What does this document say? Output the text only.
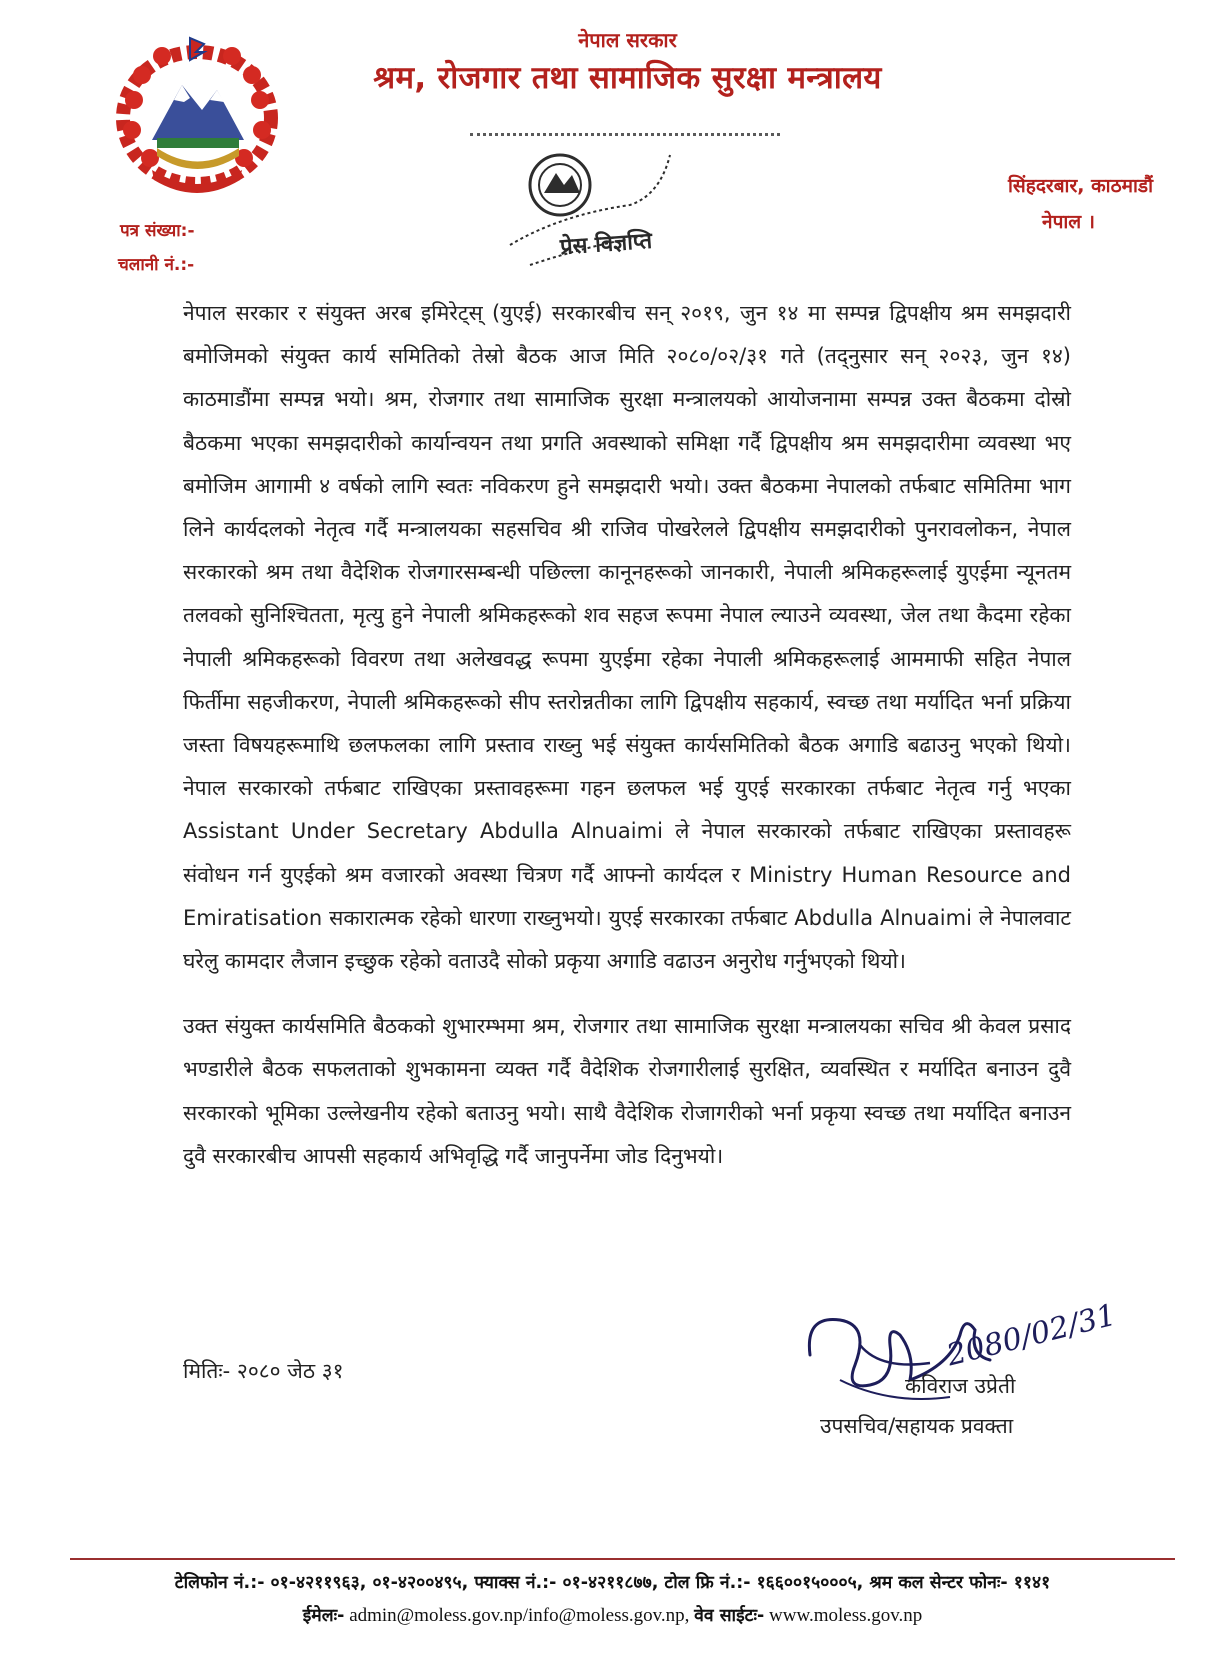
नेपाल सरकार
श्रम, रोजगार तथा सामाजिक सुरक्षा मन्त्रालय
प्रेस विज्ञप्ति
सिंहदरबार, काठमाडौं
नेपाल ।
पत्र संख्या:-
चलानी नं.:-

नेपाल सरकार र संयुक्त अरब इमिरेट्स् (युएई) सरकारबीच सन् २०१९, जुन १४ मा सम्पन्न द्विपक्षीय श्रम समझदारी बमोजिमको संयुक्त कार्य समितिको तेस्रो बैठक आज मिति २०८०/०२/३१ गते (तद्नुसार सन् २०२३, जुन १४) काठमाडौंमा सम्पन्न भयो। श्रम, रोजगार तथा सामाजिक सुरक्षा मन्त्रालयको आयोजनामा सम्पन्न उक्त बैठकमा दोस्रो बैठकमा भएका समझदारीको कार्यान्वयन तथा प्रगति अवस्थाको समिक्षा गर्दै द्विपक्षीय श्रम समझदारीमा व्यवस्था भए बमोजिम आगामी ४ वर्षको लागि स्वतः नविकरण हुने समझदारी भयो। उक्त बैठकमा नेपालको तर्फबाट समितिमा भाग लिने कार्यदलको नेतृत्व गर्दै मन्त्रालयका सहसचिव श्री राजिव पोखरेलले द्विपक्षीय समझदारीको पुनरावलोकन, नेपाल सरकारको श्रम तथा वैदेशिक रोजगारसम्बन्धी पछिल्ला कानूनहरूको जानकारी, नेपाली श्रमिकहरूलाई युएईमा न्यूनतम तलवको सुनिश्चितता, मृत्यु हुने नेपाली श्रमिकहरूको शव सहज रूपमा नेपाल ल्याउने व्यवस्था, जेल तथा कैदमा रहेका नेपाली श्रमिकहरूको विवरण तथा अलेखवद्ध रूपमा युएईमा रहेका नेपाली श्रमिकहरूलाई आममाफी सहित नेपाल फिर्तीमा सहजीकरण, नेपाली श्रमिकहरूको सीप स्तरोन्नतीका लागि द्विपक्षीय सहकार्य, स्वच्छ तथा मर्यादित भर्ना प्रक्रिया जस्ता विषयहरूमाथि छलफलका लागि प्रस्ताव राख्नु भई संयुक्त कार्यसमितिको बैठक अगाडि बढाउनु भएको थियो। नेपाल सरकारको तर्फबाट राखिएका प्रस्तावहरूमा गहन छलफल भई युएई सरकारका तर्फबाट नेतृत्व गर्नु भएका Assistant Under Secretary Abdulla Alnuaimi ले नेपाल सरकारको तर्फबाट राखिएका प्रस्तावहरू संवोधन गर्न युएईको श्रम वजारको अवस्था चित्रण गर्दै आफ्नो कार्यदल र Ministry Human Resource and Emiratisation सकारात्मक रहेको धारणा राख्नुभयो। युएई सरकारका तर्फबाट Abdulla Alnuaimi ले नेपालवाट घरेलु कामदार लैजान इच्छुक रहेको वताउदै सोको प्रकृया अगाडि वढाउन अनुरोध गर्नुभएको थियो।

उक्त संयुक्त कार्यसमिति बैठकको शुभारम्भमा श्रम, रोजगार तथा सामाजिक सुरक्षा मन्त्रालयका सचिव श्री केवल प्रसाद भण्डारीले बैठक सफलताको शुभकामना व्यक्त गर्दै वैदेशिक रोजगारीलाई सुरक्षित, व्यवस्थित र मर्यादित बनाउन दुवै सरकारको भूमिका उल्लेखनीय रहेको बताउनु भयो। साथै वैदेशिक रोजागरीको भर्ना प्रकृया स्वच्छ तथा मर्यादित बनाउन दुवै सरकारबीच आपसी सहकार्य अभिवृद्धि गर्दै जानुपर्नेमा जोड दिनुभयो।

मितिः- २०८० जेठ ३१	2080/02/31
कविराज उप्रेती
उपसचिव/सहायक प्रवक्ता
टेलिफोन नं.:- ०१-४२११९६३, ०१-४२००४९५, फ्याक्स नं.:- ०१-४२११८७७, टोल फ्रि नं.:- १६६००१५०००५, श्रम कल सेन्टर फोनः- ११४१
ईमेलः- admin@moless.gov.np/info@moless.gov.np, वेव साईटः- www.moless.gov.np
